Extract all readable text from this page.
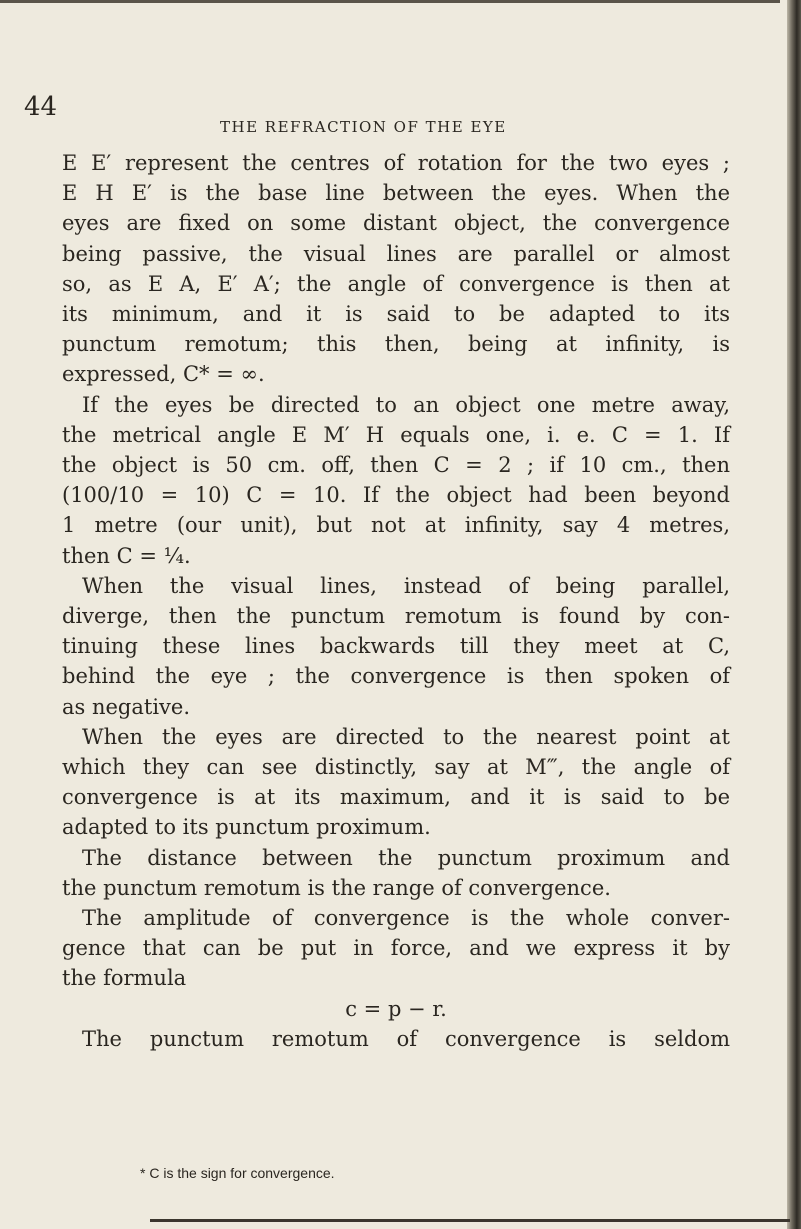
44
THE REFRACTION OF THE EYE
E E′ represent the centres of rotation for the two eyes ;
E H E′ is the base line between the eyes. When the
eyes are fixed on some distant object, the convergence
being passive, the visual lines are parallel or almost
so, as E A, E′ A′; the angle of convergence is then at
its minimum, and it is said to be adapted to its
punctum remotum; this then, being at infinity, is
expressed, C* = ∞.
If the eyes be directed to an object one metre away,
the metrical angle E M′ H equals one, i. e. C = 1. If
the object is 50 cm. off, then C = 2 ; if 10 cm., then
(100/10 = 10) C = 10. If the object had been beyond
1 metre (our unit), but not at infinity, say 4 metres,
then C = ¼.
When the visual lines, instead of being parallel,
diverge, then the punctum remotum is found by con-
tinuing these lines backwards till they meet at C,
behind the eye ; the convergence is then spoken of
as negative.
When the eyes are directed to the nearest point at
which they can see distinctly, say at M‴, the angle of
convergence is at its maximum, and it is said to be
adapted to its punctum proximum.
The distance between the punctum proximum and
the punctum remotum is the range of convergence.
The amplitude of convergence is the whole conver-
gence that can be put in force, and we express it by
the formula
c = p − r.
The punctum remotum of convergence is seldom
* C is the sign for convergence.
